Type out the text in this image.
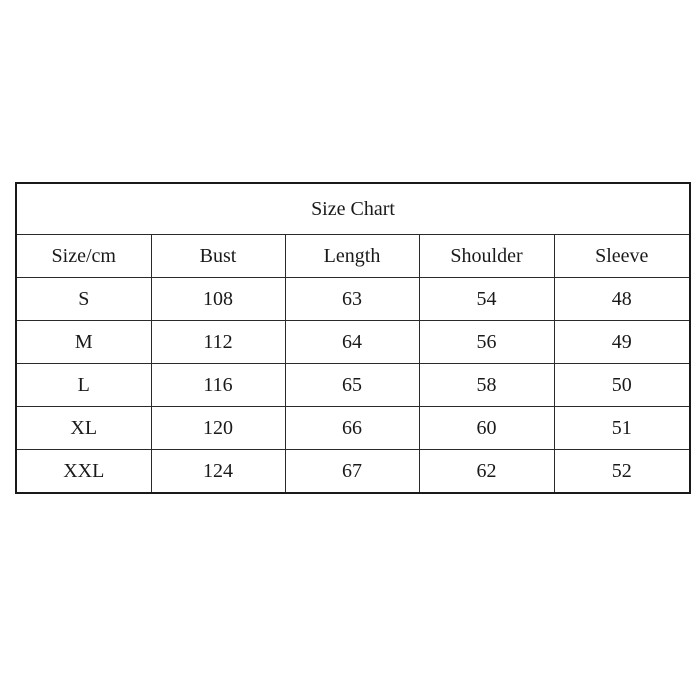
Size Chart				
Size/cm	Bust	Length	Shoulder	Sleeve
S	108	63	54	48
M	112	64	56	49
L	116	65	58	50
XL	120	66	60	51
XXL	124	67	62	52
